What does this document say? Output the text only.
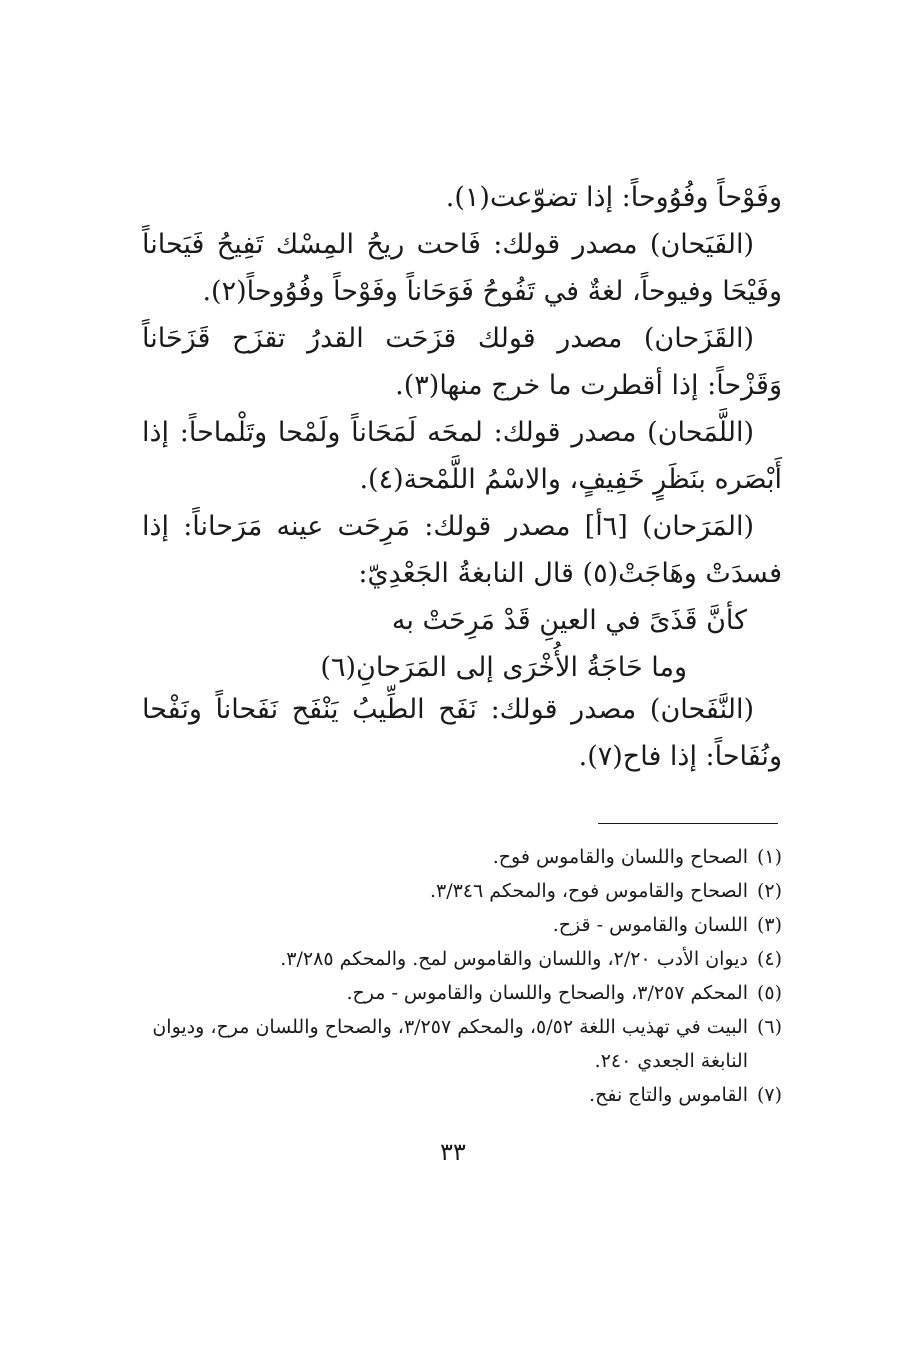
وفَوْحاً وفُوُوحاً: إذا تضوّعت(١).

(الفَيَحان) مصدر قولك: فَاحت ريحُ المِسْك تَفِيحُ فَيَحاناً وفَيْحَا وفيوحاً، لغةٌ في تَفُوحُ فَوَحَاناً وفَوْحاً وفُوُوحاً(٢).

(القَزَحان) مصدر قولك قزَحَت القدرُ تقزَح قَزَحَاناً وَقَزْحاً: إذا أقطرت ما خرج منها(٣).

(اللَّمَحان) مصدر قولك: لمحَه لَمَحَاناً ولَمْحا وتَلْماحاً: إذا أَبْصَره بنَظَرٍ خَفِيفٍ، والاسْمُ اللَّمْحة(٤).

(المَرَحان) [٦أ] مصدر قولك: مَرِحَت عينه مَرَحاناً: إذا فسدَتْ وهَاجَتْ(٥) قال النابغةُ الجَعْدِيّ:

كأنَّ قَذَىً في العينِ قَدْ مَرِحَتْ به

وما حَاجَةُ الأُخْرَى إلى المَرَحانِ(٦)

(النَّفَحان) مصدر قولك: نَفَح الطِّيبُ يَنْفَح نَفَحاناً ونَفْحا ونُفَاحاً: إذا فاح(٧).

(١)
الصحاح واللسان والقاموس فوح.
(٢)
الصحاح والقاموس فوح، والمحكم ٣/٣٤٦.
(٣)
اللسان والقاموس - قزح.
(٤)
ديوان الأدب ٢/٢٠، واللسان والقاموس لمح. والمحكم ٣/٢٨٥.
(٥)
المحكم ٣/٢٥٧، والصحاح واللسان والقاموس - مرح.
(٦)
البيت في تهذيب اللغة ٥/٥٢، والمحكم ٣/٢٥٧، والصحاح واللسان مرح، وديوان النابغة الجعدي ٢٤٠.
(٧)
القاموس والتاج نفح.
٣٣
